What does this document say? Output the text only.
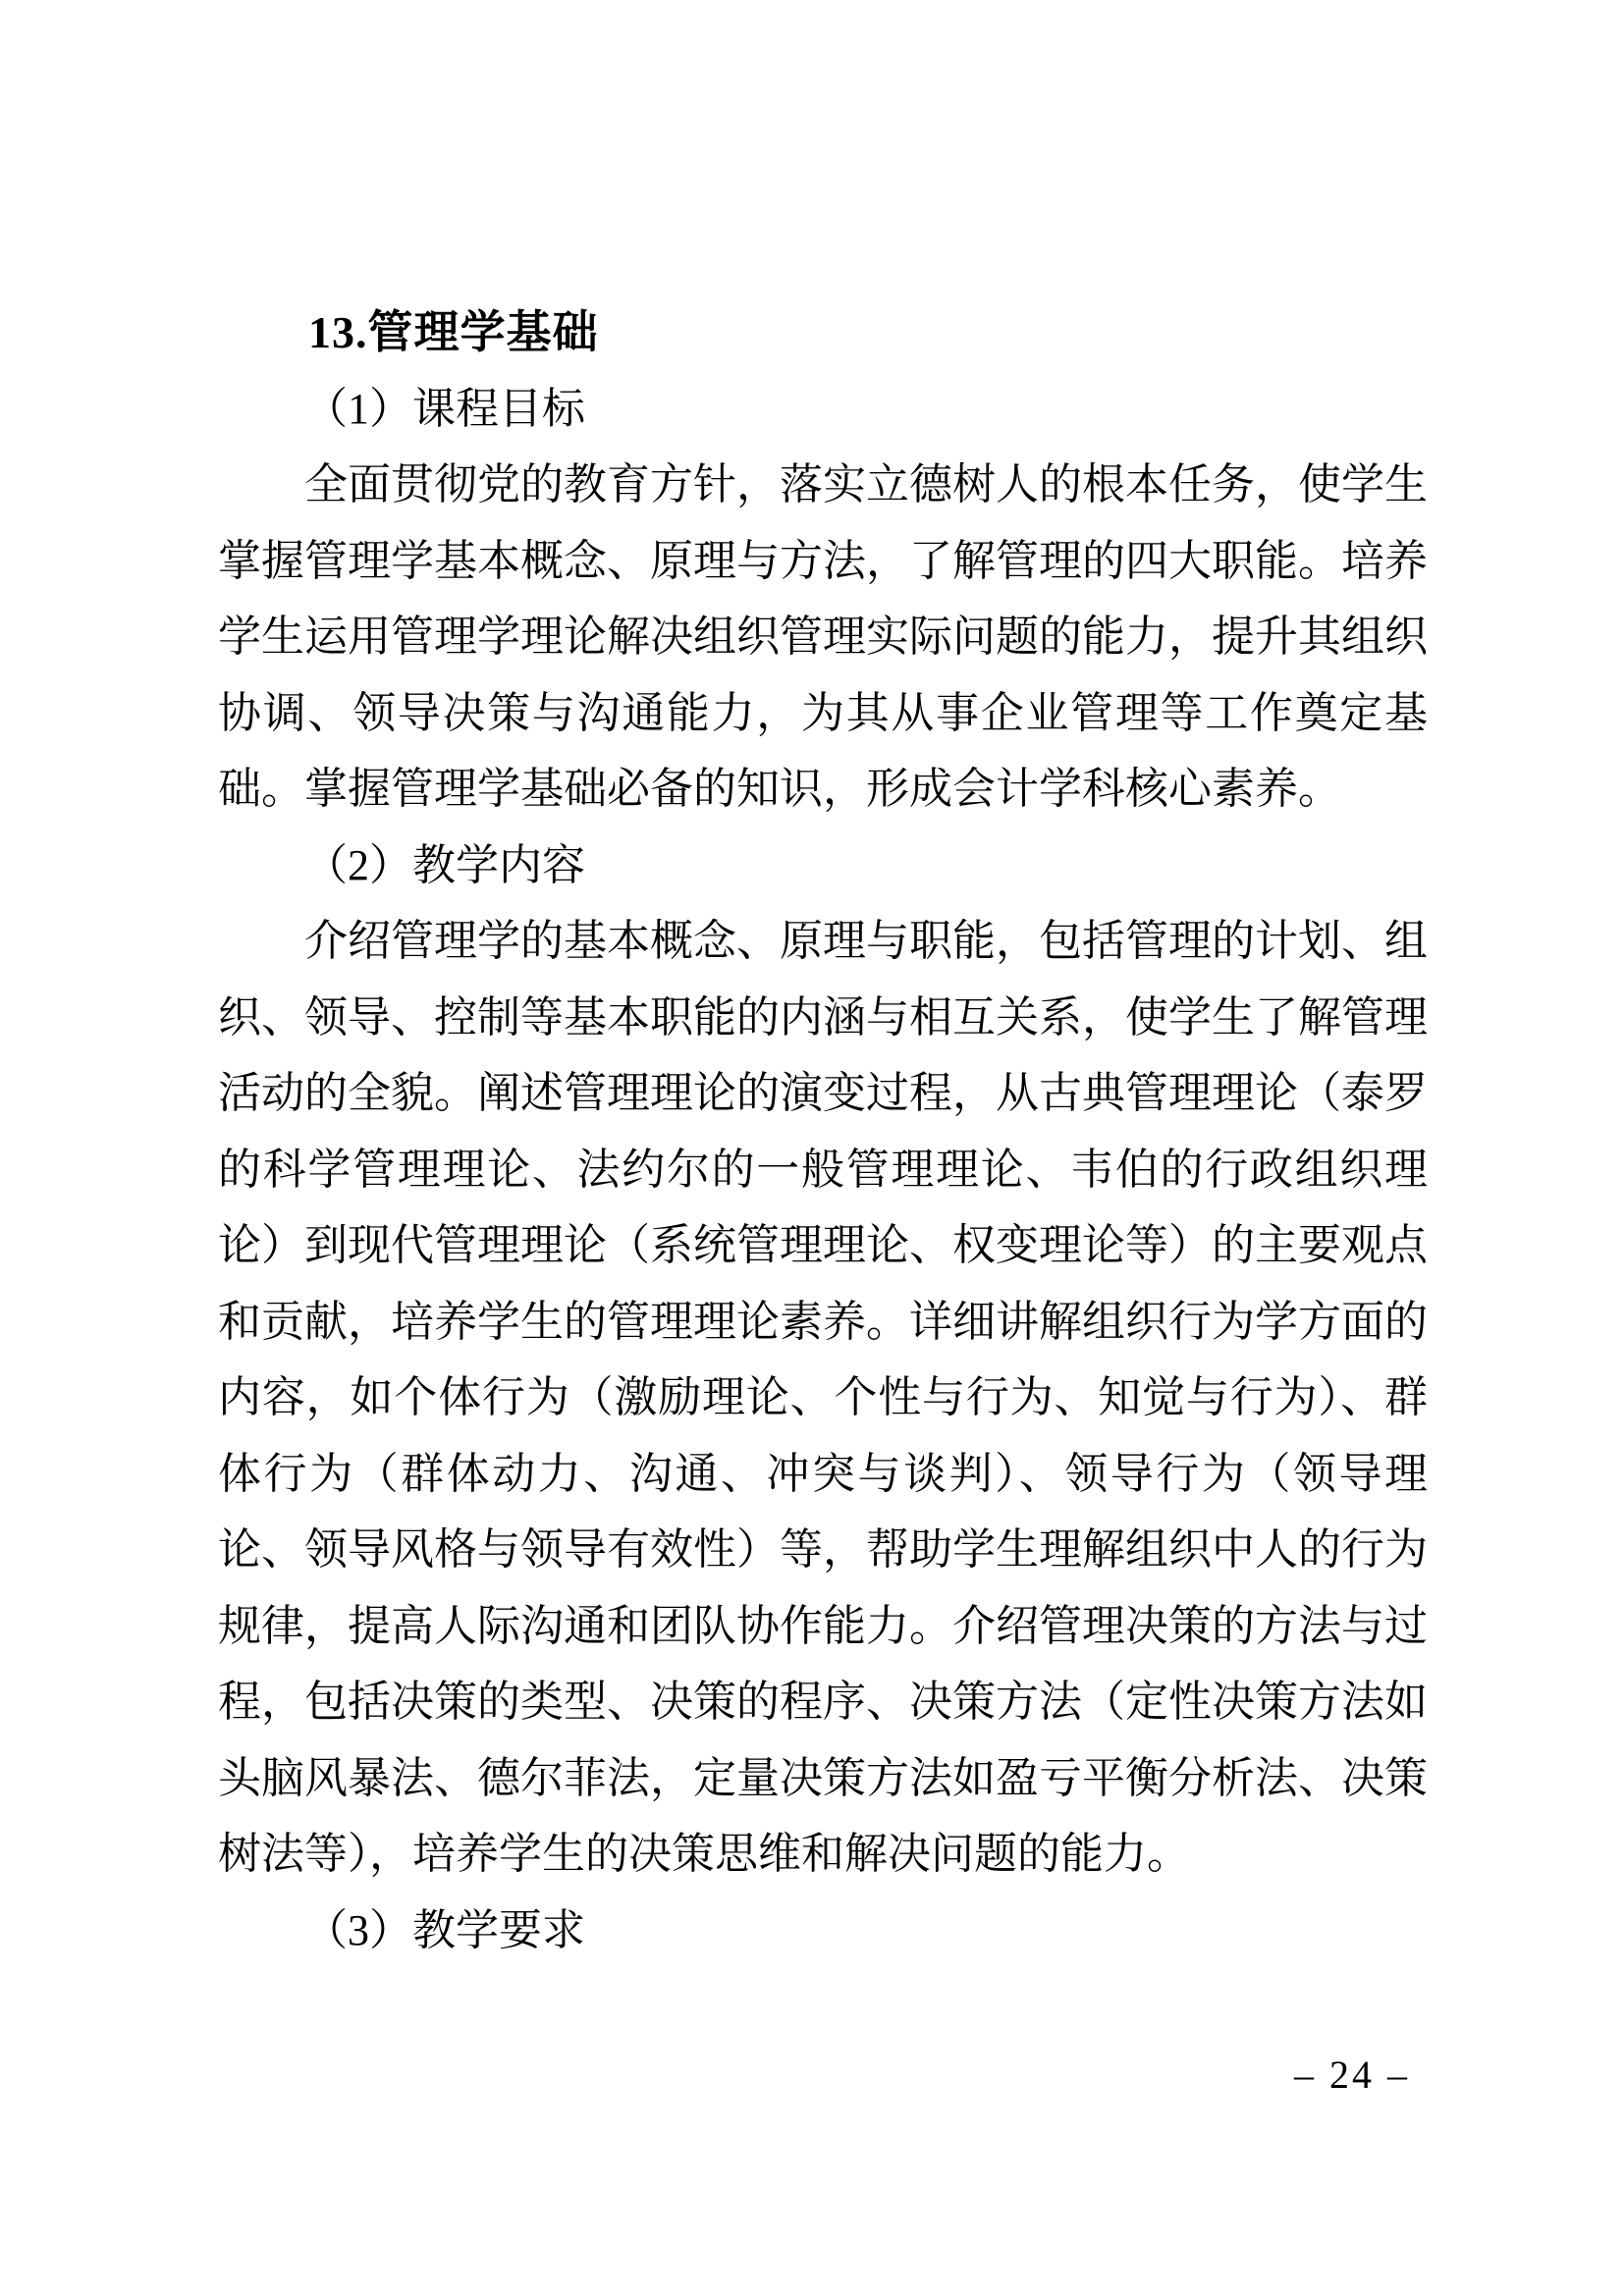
13.管理学基础
（1）课程目标

全面贯彻党的教育方针，落实立德树人的根本任务，使学生掌握管理学基本概念、原理与方法，了解管理的四大职能。培养学生运用管理学理论解决组织管理实际问题的能力，提升其组织协调、领导决策与沟通能力，为其从事企业管理等工作奠定基础。掌握管理学基础必备的知识，形成会计学科核心素养。

（2）教学内容

介绍管理学的基本概念、原理与职能，包括管理的计划、组织、领导、控制等基本职能的内涵与相互关系，使学生了解管理活动的全貌。阐述管理理论的演变过程，从古典管理理论（泰罗的科学管理理论、法约尔的一般管理理论、韦伯的行政组织理论）到现代管理理论（系统管理理论、权变理论等）的主要观点和贡献，培养学生的管理理论素养。详细讲解组织行为学方面的内容，如个体行为（激励理论、个性与行为、知觉与行为）、群体行为（群体动力、沟通、冲突与谈判）、领导行为（领导理论、领导风格与领导有效性）等，帮助学生理解组织中人的行为规律，提高人际沟通和团队协作能力。介绍管理决策的方法与过程，包括决策的类型、决策的程序、决策方法（定性决策方法如头脑风暴法、德尔菲法，定量决策方法如盈亏平衡分析法、决策树法等），培养学生的决策思维和解决问题的能力。

（3）教学要求
– 24 –
